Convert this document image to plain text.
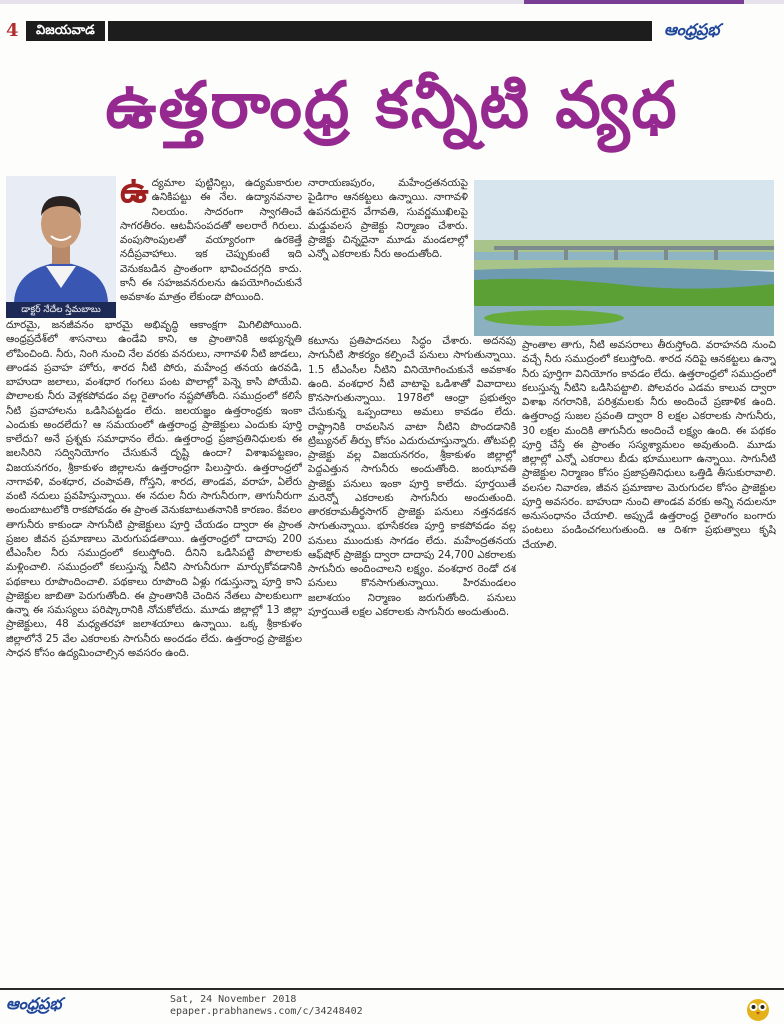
4	విజయవాడ	ఆంధ్రప్రభ
ఉత్తరాంధ్ర కన్నీటి వ్యధ
డాక్టర్ నేదేల స్తేమబాబు
ఉద్యమాల పుట్టినిల్లు, ఉద్యమకారుల ఉనికిపట్టు ఈ నేల. ఉద్యానవనాల నిలయం. సాదరంగా స్వాగతించే సాగరతీరం. ఆటవీసంపదతో అలరారే గిరులు. వంపుసొంపులతో వయ్యారంగా ఉరకెత్తే నదీప్రవాహాలు. ఇక చెప్పుకుంటే ఇది వెనుకబడిన ప్రాంతంగా భావించదగ్గది కాదు. కానీ ఈ సహజవనరులను ఉపయోగించుకునే అవకాశం మాత్రం లేకుండా పోయింది.

దూరమై, జనజీవనం భారమై అభివృద్ధి ఆకాంక్షగా మిగిలిపోయింది. ఆంధ్రప్రదేశ్‌లో శాసనాలు ఉండేవి కాని, ఆ ప్రాంతానికి అభ్యున్నతి లోపించింది. నీరు, నింగి నుంచి నేల వరకు వనరులు, నాగావళి నీటి జాడలు, తాండవ ప్రవాహ హోరు, శారద నీటి పోరు, మహేంద్ర తనయ ఉరవడి, బాహుదా జలాలు, వంశధార గంగలు పంట పొలాల్లో పెన్నె కాసి పోయేవి. పొలాలకు నీరు వెళ్లకపోవడం వల్ల రైతాంగం నష్టపోతోంది. సముద్రంలో కలిసే నీటి ప్రవాహాలను ఒడిసిపట్టడం లేదు. జలయజ్ఞం ఉత్తరాంధ్రకు ఇంకా ఎందుకు అందలేదు? ఆ సమయంలో ఉత్తరాంధ్ర ప్రాజెక్టులు ఎందుకు పూర్తి కాలేదు? అనే ప్రశ్నకు సమాధానం లేదు. ఉత్తరాంధ్ర ప్రజాప్రతినిధులకు ఈ జలసిరిని సద్వినియోగం చేసుకునే దృష్టి ఉందా? విశాఖపట్టణం, విజయనగరం, శ్రీకాకుళం జిల్లాలను ఉత్తరాంధ్రగా పిలుస్తారు. ఉత్తరాంధ్రలో నాగావళి, వంశధార, చంపావతి, గోస్తని, శారద, తాండవ, వరాహ, ఏలేరు వంటి నదులు ప్రవహిస్తున్నాయి. ఈ నదుల నీరు సాగునీరుగా, తాగునీరుగా అందుబాటులోకి రాకపోవడం ఈ ప్రాంత వెనుకబాటుతనానికి కారణం. కేవలం తాగునీరు కాకుండా సాగునీటి ప్రాజెక్టులు పూర్తి చేయడం ద్వారా ఈ ప్రాంత ప్రజల జీవన ప్రమాణాలు మెరుగుపడతాయి. ఉత్తరాంధ్రలో దాదాపు 200 టీఎంసీల నీరు సముద్రంలో కలుస్తోంది. దీనిని ఒడిసిపట్టి పొలాలకు మళ్లించాలి. సముద్రంలో కలుస్తున్న నీటిని సాగునీరుగా మార్చుకోవడానికి పథకాలు రూపొందించాలి. పథకాలు రూపొంది ఏళ్లు గడుస్తున్నా పూర్తి కాని ప్రాజెక్టుల జాబితా పెరుగుతోంది. ఈ ప్రాంతానికి చెందిన నేతలు పాలకులుగా ఉన్నా ఈ సమస్యలు పరిష్కారానికి నోచుకోలేదు. మూడు జిల్లాల్లో 13 జిల్లా ప్రాజెక్టులు, 48 మధ్యతరహా జలాశయాలు ఉన్నాయి. ఒక్క శ్రీకాకుళం జిల్లాలోనే 25 వేల ఎకరాలకు సాగునీరు అందడం లేదు. ఉత్తరాంధ్ర ప్రాజెక్టుల సాధన కోసం ఉద్యమించాల్సిన అవసరం ఉంది.

నారాయణపురం, మహేంద్రతనయపై పైడిగాం ఆనకట్టలు ఉన్నాయి. నాగావళి ఉపనదులైన వేగావతి, సువర్ణముఖిలపై మడ్డువలస ప్రాజెక్టు నిర్మాణం చేశారు. ప్రాజెక్టు చిన్నదైనా మూడు మండలాల్లో ఎన్నో ఎకరాలకు నీరు అందుతోంది.

కటూను ప్రతిపాదనలు సిద్ధం చేశారు. అదనపు సాగునీటి సౌకర్యం కల్పించే పనులు సాగుతున్నాయి. 1.5 టీఎంసీల నీటిని వినియోగించుకునే అవకాశం ఉంది. వంశధార నీటి వాటాపై ఒడిశాతో వివాదాలు కొనసాగుతున్నాయి. 1978లో ఆంధ్రా ప్రభుత్వం చేసుకున్న ఒప్పందాలు అమలు కావడం లేదు. రాష్ట్రానికి రావలసిన వాటా నీటిని పొందడానికి ట్రిబ్యునల్ తీర్పు కోసం ఎదురుచూస్తున్నారు. తోటపల్లి ప్రాజెక్టు వల్ల విజయనగరం, శ్రీకాకుళం జిల్లాల్లో పెద్దఎత్తున సాగునీరు అందుతోంది. జంఝావతి ప్రాజెక్టు పనులు ఇంకా పూర్తి కాలేదు. పూర్తయితే మరెన్నో ఎకరాలకు సాగునీరు అందుతుంది. తారకరామతీర్థసాగర్ ప్రాజెక్టు పనులు నత్తనడకన సాగుతున్నాయి. భూసేకరణ పూర్తి కాకపోవడం వల్ల పనులు ముందుకు సాగడం లేదు. మహేంద్రతనయ ఆఫ్‌షోర్ ప్రాజెక్టు ద్వారా దాదాపు 24,700 ఎకరాలకు సాగునీరు అందించాలని లక్ష్యం. వంశధార రెండో దశ పనులు కొనసాగుతున్నాయి. హిరమండలం జలాశయం నిర్మాణం జరుగుతోంది. పనులు పూర్తయితే లక్షల ఎకరాలకు సాగునీరు అందుతుంది.

ప్రాంతాల తాగు, నీటి అవసరాలు తీరుస్తోంది. వరాహనది నుంచి వచ్చే నీరు సముద్రంలో కలుస్తోంది. శారద నదిపై ఆనకట్టలు ఉన్నా నీరు పూర్తిగా వినియోగం కావడం లేదు. ఉత్తరాంధ్రలో సముద్రంలో కలుస్తున్న నీటిని ఒడిసిపట్టాలి. పోలవరం ఎడమ కాలువ ద్వారా విశాఖ నగరానికి, పరిశ్రమలకు నీరు అందించే ప్రణాళిక ఉంది. ఉత్తరాంధ్ర సుజల స్రవంతి ద్వారా 8 లక్షల ఎకరాలకు సాగునీరు, 30 లక్షల మందికి తాగునీరు అందించే లక్ష్యం ఉంది. ఈ పథకం పూర్తి చేస్తే ఈ ప్రాంతం సస్యశ్యామలం అవుతుంది. మూడు జిల్లాల్లో ఎన్నో ఎకరాలు బీడు భూములుగా ఉన్నాయి. సాగునీటి ప్రాజెక్టుల నిర్మాణం కోసం ప్రజాప్రతినిధులు ఒత్తిడి తీసుకురావాలి. వలసల నివారణ, జీవన ప్రమాణాల మెరుగుదల కోసం ప్రాజెక్టుల పూర్తి అవసరం. బాహుదా నుంచి తాండవ వరకు అన్ని నదులనూ అనుసంధానం చేయాలి. అప్పుడే ఉత్తరాంధ్ర రైతాంగం బంగారు పంటలు పండించగలుగుతుంది. ఆ దిశగా ప్రభుత్వాలు కృషి చేయాలి.

ఆంధ్రప్రభ	Sat, 24 November 2018
epaper.prabhanews.com/c/34248402
